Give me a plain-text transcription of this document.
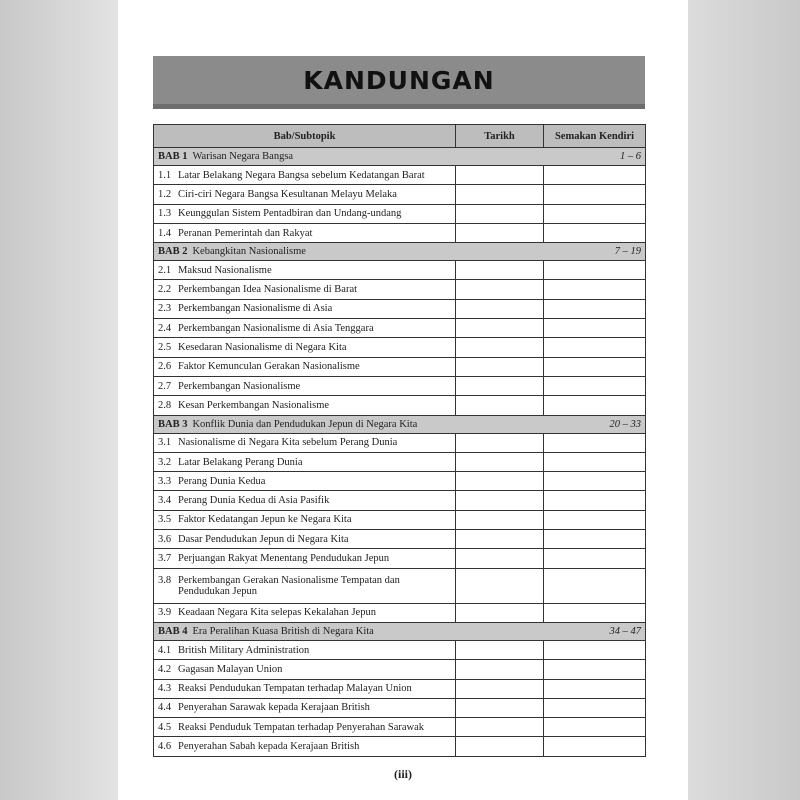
KANDUNGAN
Bab/Subtopik	Tarikh	Semakan Kendiri

BAB 1 Warisan Negara Bangsa 1 – 6		

1.1 Latar Belakang Negara Bangsa sebelum Kedatangan Barat		

1.2 Ciri-ciri Negara Bangsa Kesultanan Melayu Melaka		

1.3 Keunggulan Sistem Pentadbiran dan Undang-undang		

1.4 Peranan Pemerintah dan Rakyat		

BAB 2 Kebangkitan Nasionalisme 7 – 19		

2.1 Maksud Nasionalisme		

2.2 Perkembangan Idea Nasionalisme di Barat		

2.3 Perkembangan Nasionalisme di Asia		

2.4 Perkembangan Nasionalisme di Asia Tenggara		

2.5 Kesedaran Nasionalisme di Negara Kita		

2.6 Faktor Kemunculan Gerakan Nasionalisme		

2.7 Perkembangan Nasionalisme		

2.8 Kesan Perkembangan Nasionalisme		

BAB 3 Konflik Dunia dan Pendudukan Jepun di Negara Kita 20 – 33		

3.1 Nasionalisme di Negara Kita sebelum Perang Dunia		

3.2 Latar Belakang Perang Dunia		

3.3 Perang Dunia Kedua		

3.4 Perang Dunia Kedua di Asia Pasifik		

3.5 Faktor Kedatangan Jepun ke Negara Kita		

3.6 Dasar Pendudukan Jepun di Negara Kita		

3.7 Perjuangan Rakyat Menentang Pendudukan Jepun		

3.8 Perkembangan Gerakan Nasionalisme Tempatan dan Pendudukan Jepun		

3.9 Keadaan Negara Kita selepas Kekalahan Jepun		

BAB 4 Era Peralihan Kuasa British di Negara Kita 34 – 47		

4.1 British Military Administration		

4.2 Gagasan Malayan Union		

4.3 Reaksi Pendudukan Tempatan terhadap Malayan Union		

4.4 Penyerahan Sarawak kepada Kerajaan British		

4.5 Reaksi Penduduk Tempatan terhadap Penyerahan Sarawak		

4.6 Penyerahan Sabah kepada Kerajaan British		

(iii)
